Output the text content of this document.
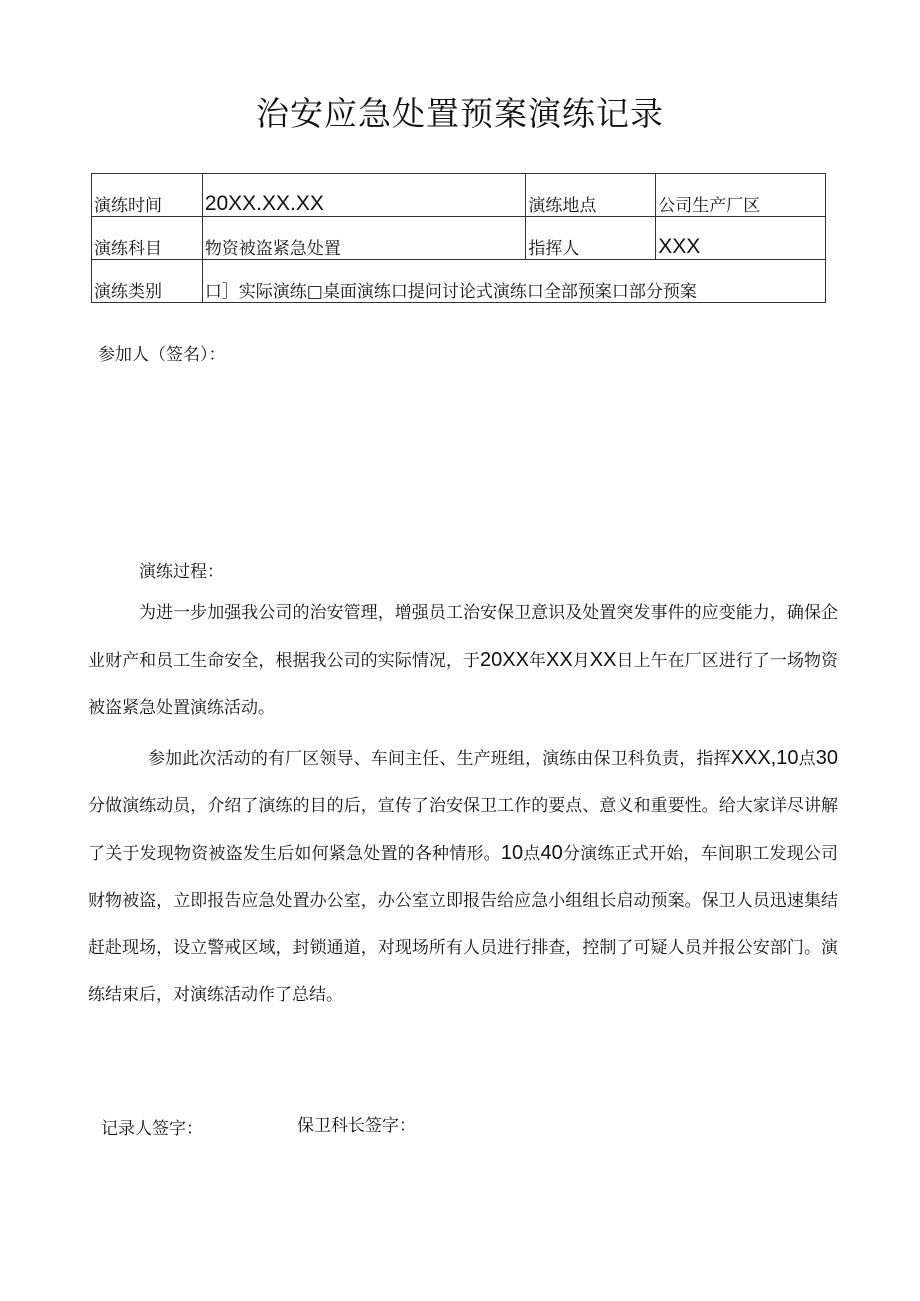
治安应急处置预案演练记录
演练时间	20XX.XX.XX	演练地点	公司生产厂区
演练科目	物资被盗紧急处置	指挥人	XXX
演练类别	口］实际演练□桌面演练口提问讨论式演练口全部预案口部分预案		
参加人（签名）：
演练过程：

为进一步加强我公司的治安管理，增强员工治安保卫意识及处置突发事件的应变能力，确保企业财产和员工生命安全，根据我公司的实际情况，于20XX年XX月XX日上午在厂区进行了一场物资被盗紧急处置演练活动。

参加此次活动的有厂区领导、车间主任、生产班组，演练由保卫科负责，指挥XXX,10点30分做演练动员，介绍了演练的目的后，宣传了治安保卫工作的要点、意义和重要性。给大家详尽讲解了关于发现物资被盗发生后如何紧急处置的各种情形。10点40分演练正式开始，车间职工发现公司财物被盗，立即报告应急处置办公室，办公室立即报告给应急小组组长启动预案。保卫人员迅速集结赶赴现场，设立警戒区域，封锁通道，对现场所有人员进行排查，控制了可疑人员并报公安部门。演练结束后，对演练活动作了总结。

记录人签字：	保卫科长签字：
